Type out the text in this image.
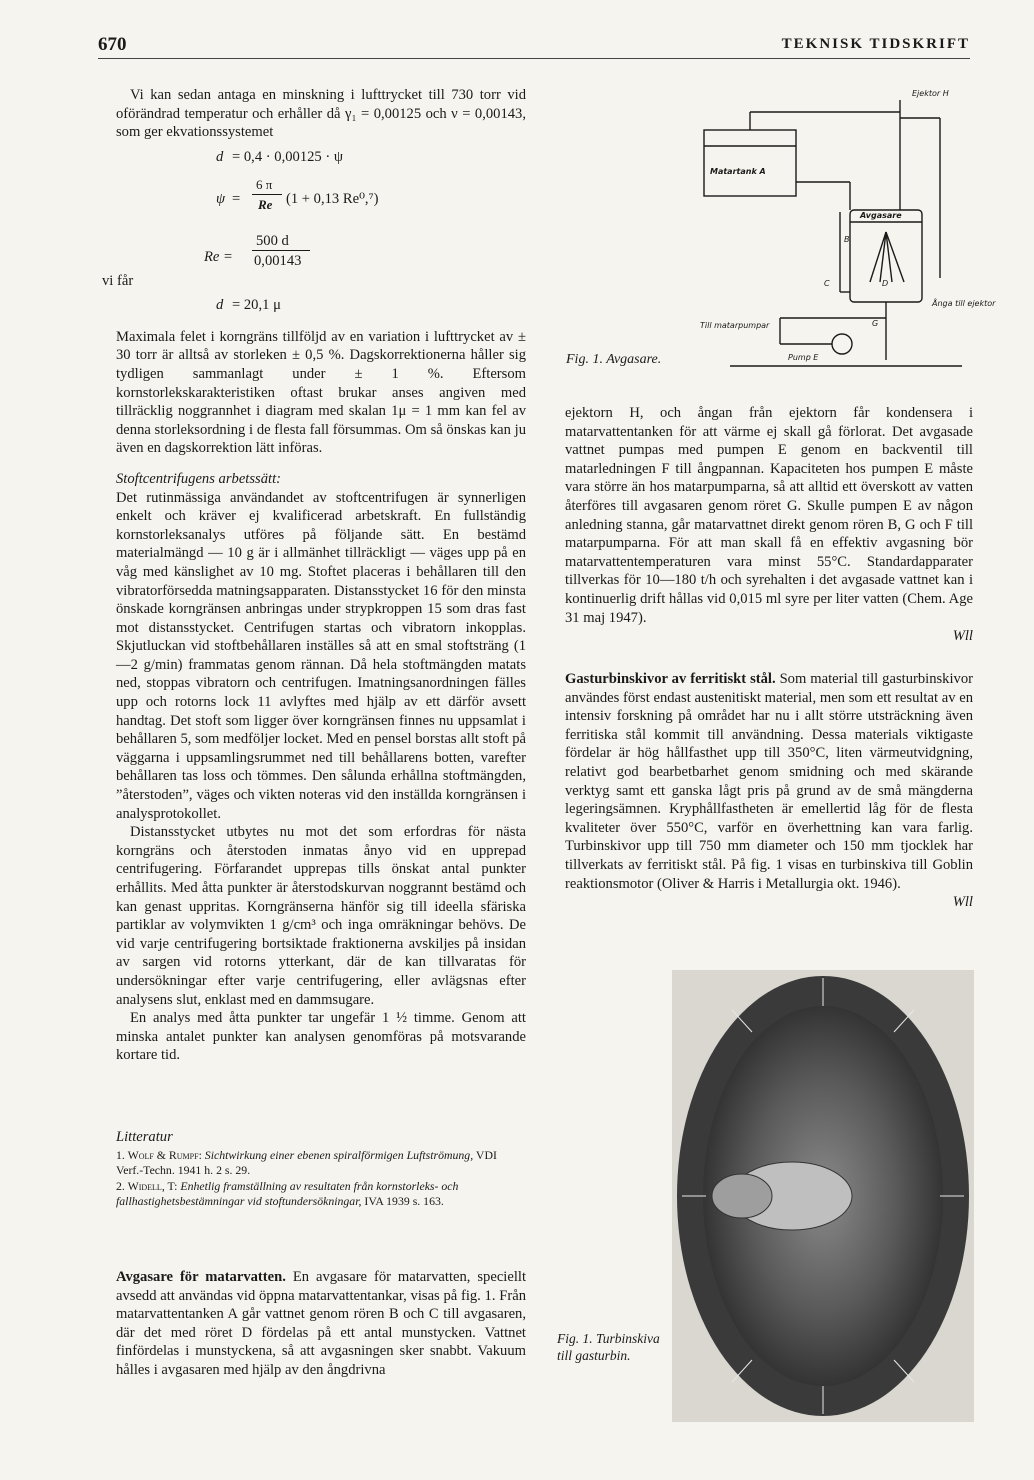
670	TEKNISK TIDSKRIFT

Vi kan sedan antaga en minskning i lufttrycket till 730 torr vid oförändrad temperatur och erhåller då γ₁ = 0,00125 och ν = 0,00143, som ger ekvationssystemet

d = 0,4 · 0,00125 · ψ
ψ =
6 π
Re (1 + 0,13 Re⁰,⁷)
Re =
500 d
0,00143
vi får
d = 20,1 μ

Maximala felet i korngräns tillföljd av en variation i lufttrycket av ± 30 torr är alltså av storleken ± 0,5 %. Dagskorrektionerna håller sig tydligen sammanlagt under ± 1 %. Eftersom kornstorlekskarakteristiken oftast brukar anses angiven med tillräcklig noggrannhet i diagram med skalan 1μ = 1 mm kan fel av denna storleksordning i de flesta fall försummas. Om så önskas kan ju även en dagskorrektion lätt införas.

Stoftcentrifugens arbetssätt:

Det rutinmässiga användandet av stoftcentrifugen är synnerligen enkelt och kräver ej kvalificerad arbetskraft. En fullständig kornstorleksanalys utföres på följande sätt. En bestämd materialmängd — 10 g är i allmänhet tillräckligt — väges upp på en våg med känslighet av 10 mg. Stoftet placeras i behållaren till den vibratorförsedda matningsapparaten. Distansstycket 16 för den minsta önskade korngränsen anbringas under strypkroppen 15 som dras fast mot distansstycket. Centrifugen startas och vibratorn inkopplas. Skjutluckan vid stoftbehållaren inställes så att en smal stoftsträng (1—2 g/min) frammatas genom rännan. Då hela stoftmängden matats ned, stoppas vibratorn och centrifugen. Imatningsanordningen fälles upp och rotorns lock 11 avlyftes med hjälp av ett därför avsett handtag. Det stoft som ligger över korngränsen finnes nu uppsamlat i behållaren 5, som medföljer locket. Med en pensel borstas allt stoft på väggarna i uppsamlingsrummet ned till behållarens botten, varefter behållaren tas loss och tömmes. Den sålunda erhållna stoftmängden, ”återstoden”, väges och vikten noteras vid den inställda korngränsen i analysprotokollet.

Distansstycket utbytes nu mot det som erfordras för nästa korngräns och återstoden inmatas ånyo vid en upprepad centrifugering. Förfarandet upprepas tills önskat antal punkter erhållits. Med åtta punkter är återstodskurvan noggrannt bestämd och kan genast uppritas. Korngränserna hänför sig till ideella sfäriska partiklar av volymvikten 1 g/cm³ och inga omräkningar behövs. De vid varje centrifugering bortsiktade fraktionerna avskiljes på insidan av sargen vid rotorns ytterkant, där de kan tillvaratas för undersökningar efter varje centrifugering, eller avlägsnas efter analysens slut, enklast med en dammsugare.

En analys med åtta punkter tar ungefär 1 ½ timme. Genom att minska antalet punkter kan analysen genomföras på motsvarande kortare tid.

Litteratur

1. Wolf & Rumpf: Sichtwirkung einer ebenen spiralförmigen Luftströmung, VDI Verf.-Techn. 1941 h. 2 s. 29.

2. Widell, T: Enhetlig framställning av resultaten från kornstorleks- och fallhastighetsbestämningar vid stoftundersökningar, IVA 1939 s. 163.

Avgasare för matarvatten. En avgasare för matarvatten, speciellt avsedd att användas vid öppna matarvattentankar, visas på fig. 1. Från matarvattentanken A går vattnet genom rören B och C till avgasaren, där det med röret D fördelas på ett antal munstycken. Vattnet finfördelas i munstyckena, så att avgasningen sker snabbt. Vakuum hålles i avgasaren med hjälp av den ångdrivna

Ejektor H
Matartank A
Avgasare
B
C	D
G
Ånga till ejektor
Pump E
Till matarpumpar
Fig. 1. Avgasare.

ejektorn H, och ångan från ejektorn får kondensera i matarvattentanken för att värme ej skall gå förlorat. Det avgasade vattnet pumpas med pumpen E genom en backventil till matarledningen F till ångpannan. Kapaciteten hos pumpen E måste vara större än hos matarpumparna, så att alltid ett överskott av vatten återföres till avgasaren genom röret G. Skulle pumpen E av någon anledning stanna, går matarvattnet direkt genom rören B, G och F till matarpumparna. För att man skall få en effektiv avgasning bör matarvattentemperaturen vara minst 55°C. Standardapparater tillverkas för 10—180 t/h och syrehalten i det avgasade vattnet kan i kontinuerlig drift hållas vid 0,015 ml syre per liter vatten (Chem. Age 31 maj 1947).

Wll

Gasturbinskivor av ferritiskt stål. Som material till gasturbinskivor användes först endast austenitiskt material, men som ett resultat av en intensiv forskning på området har nu i allt större utsträckning även ferritiska stål kommit till användning. Dessa materials viktigaste fördelar är hög hållfasthet upp till 350°C, liten värmeutvidgning, relativt god bearbetbarhet genom smidning och med skärande verktyg samt ett ganska lågt pris på grund av de små mängderna legeringsämnen. Kryphållfastheten är emellertid låg för de flesta kvaliteter över 550°C, varför en överhettning kan vara farlig. Turbinskivor upp till 750 mm diameter och 150 mm tjocklek har tillverkats av ferritiskt stål. På fig. 1 visas en turbinskiva till Goblin reaktionsmotor (Oliver & Harris i Metallurgia okt. 1946).

Wll

Fig. 1. Turbinskiva till gasturbin.
